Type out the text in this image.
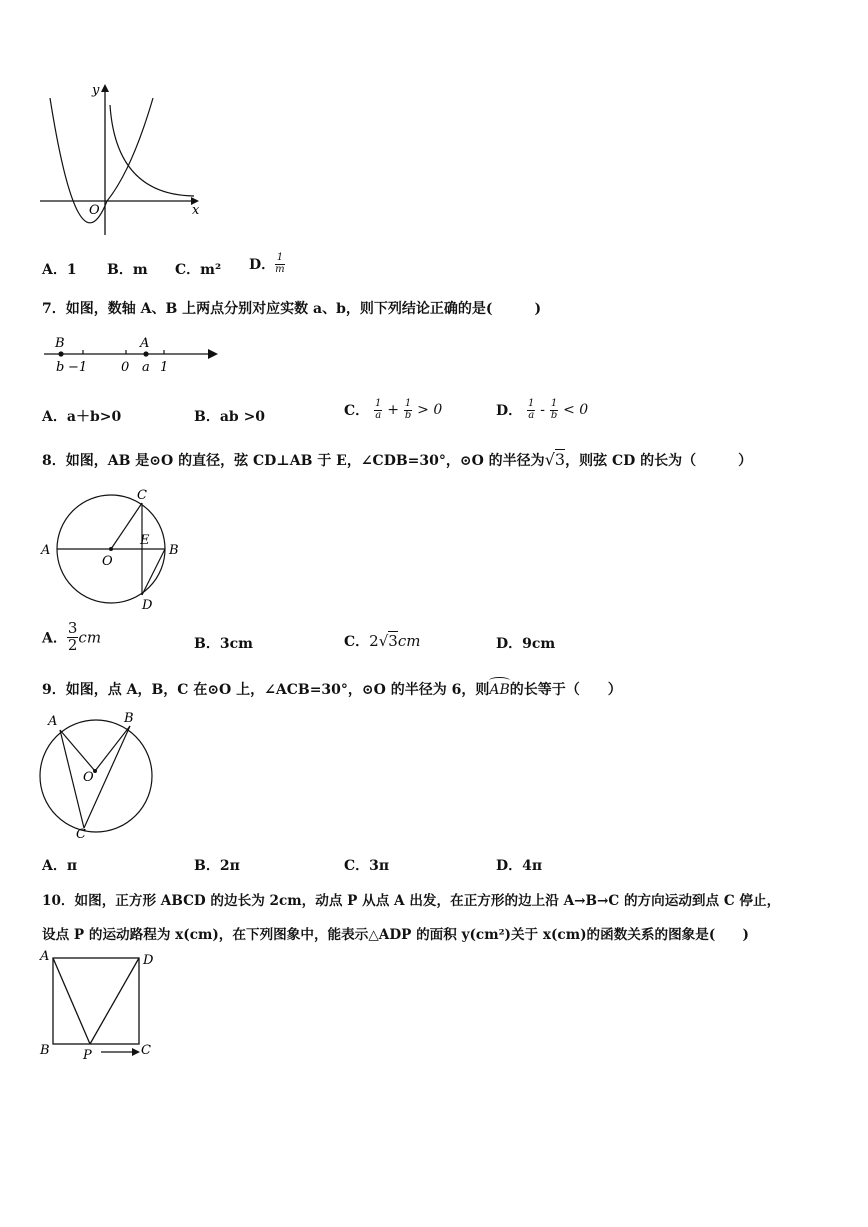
y
x
O
A．1 B．m C．m² D． $\frac{1}{m}$
7．如图，数轴 A、B 上两点分别对应实数 a、b，则下列结论正确的是(　　　)
B	A
b −1	0 a 1
A．a＋b>0	B．ab >0	C． $\frac{1}{a} + \frac{1}{b} > 0$	D． $\frac{1}{a} - \frac{1}{b} < 0$
8．如图，AB 是⊙O 的直径，弦 CD⊥AB 于 E，∠CDB=30°，⊙O 的半径为√3，则弦 CD 的长为（　　　）
A	B
C
D
E
O
A． $\frac{3}{2}$ cm	B．3cm	C．2√3cm	D．9cm
9．如图，点 A，B，C 在⊙O 上，∠ACB=30°，⊙O 的半径为 6，则
AB的长等于（　　）
A	B
C
O
A．π	B．2π	C．3π	D．4π
10．如图，正方形 ABCD 的边长为 2cm，动点 P 从点 A 出发，在正方形的边上沿 A→B→C 的方向运动到点 C 停止，
设点 P 的运动路程为 x(cm)，在下列图象中，能表示△ADP 的面积 y(cm²)关于 x(cm)的函数关系的图象是(　　)
A	D
B	C
P
